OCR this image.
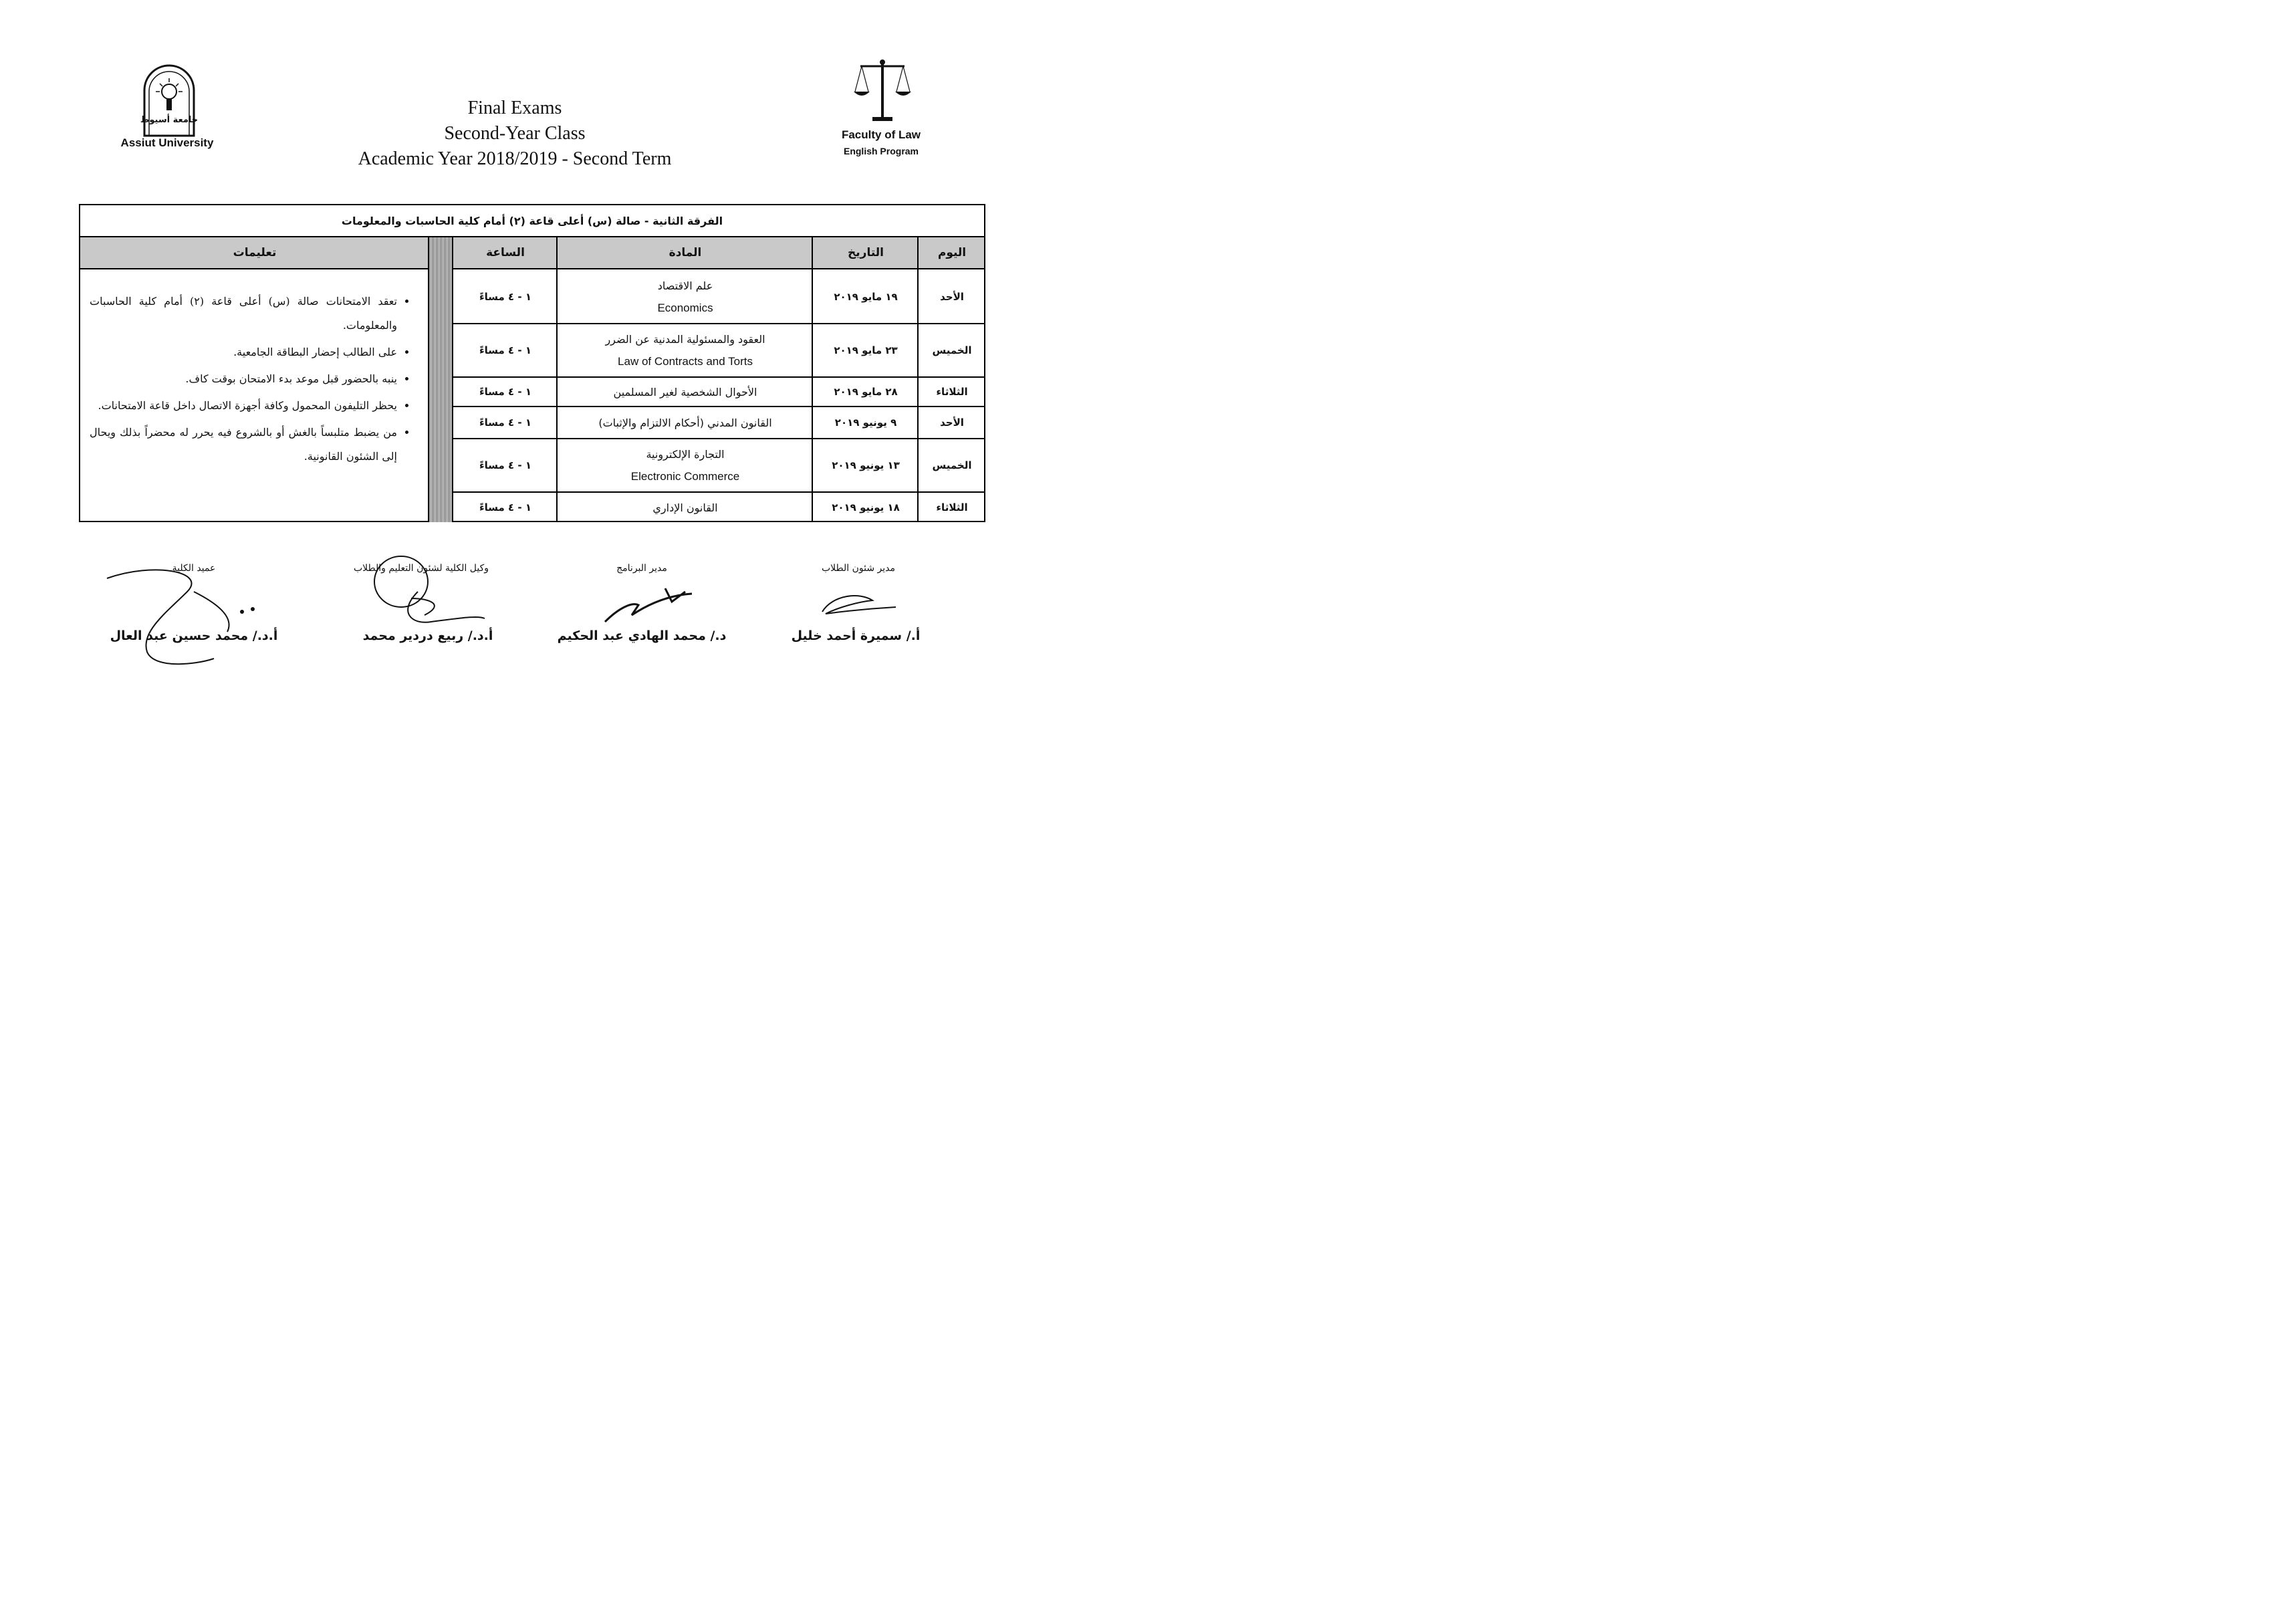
جامعة أسيوط
Assiut University
Faculty of Law
English Program
Final Exams
Second-Year Class
Academic Year 2018/2019 - Second Term
الفرقة الثانية - صالة (س) أعلى قاعة (٢) أمام كلية الحاسبات والمعلومات
اليوم
التاريخ
المادة
الساعة
تعليمات
الأحد
١٩ مايو ٢٠١٩
علم الاقتصاد
Economics
١ - ٤ مساءً
الخميس
٢٣ مايو ٢٠١٩
العقود والمسئولية المدنية عن الضرر
Law of Contracts and Torts
١ - ٤ مساءً
الثلاثاء
٢٨ مايو ٢٠١٩
الأحوال الشخصية لغير المسلمين
١ - ٤ مساءً
الأحد
٩ يونيو ٢٠١٩
القانون المدني (أحكام الالتزام والإثبات)
١ - ٤ مساءً
الخميس
١٣ يونيو ٢٠١٩
التجارة الإلكترونية
Electronic Commerce
١ - ٤ مساءً
الثلاثاء
١٨ يونيو ٢٠١٩
القانون الإداري
١ - ٤ مساءً
• تعقد الامتحانات صالة (س) أعلى قاعة (٢) أمام كلية الحاسبات والمعلومات.
• على الطالب إحضار البطاقة الجامعية.
• ينبه بالحضور قبل موعد بدء الامتحان بوقت كاف.
• يحظر التليفون المحمول وكافة أجهزة الاتصال داخل قاعة الامتحانات.
• من يضبط متلبساً بالغش أو بالشروع فيه يحرر له محضراً بذلك ويحال إلى الشئون القانونية.
مدير شئون الطلاب
مدير البرنامج
وكيل الكلية لشئون التعليم والطلاب
عميد الكلية
أ./ سميرة أحمد خليل
د./ محمد الهادي عبد الحكيم
أ.د./ ربيع دردير محمد
أ.د./ محمد حسين عبد العال
